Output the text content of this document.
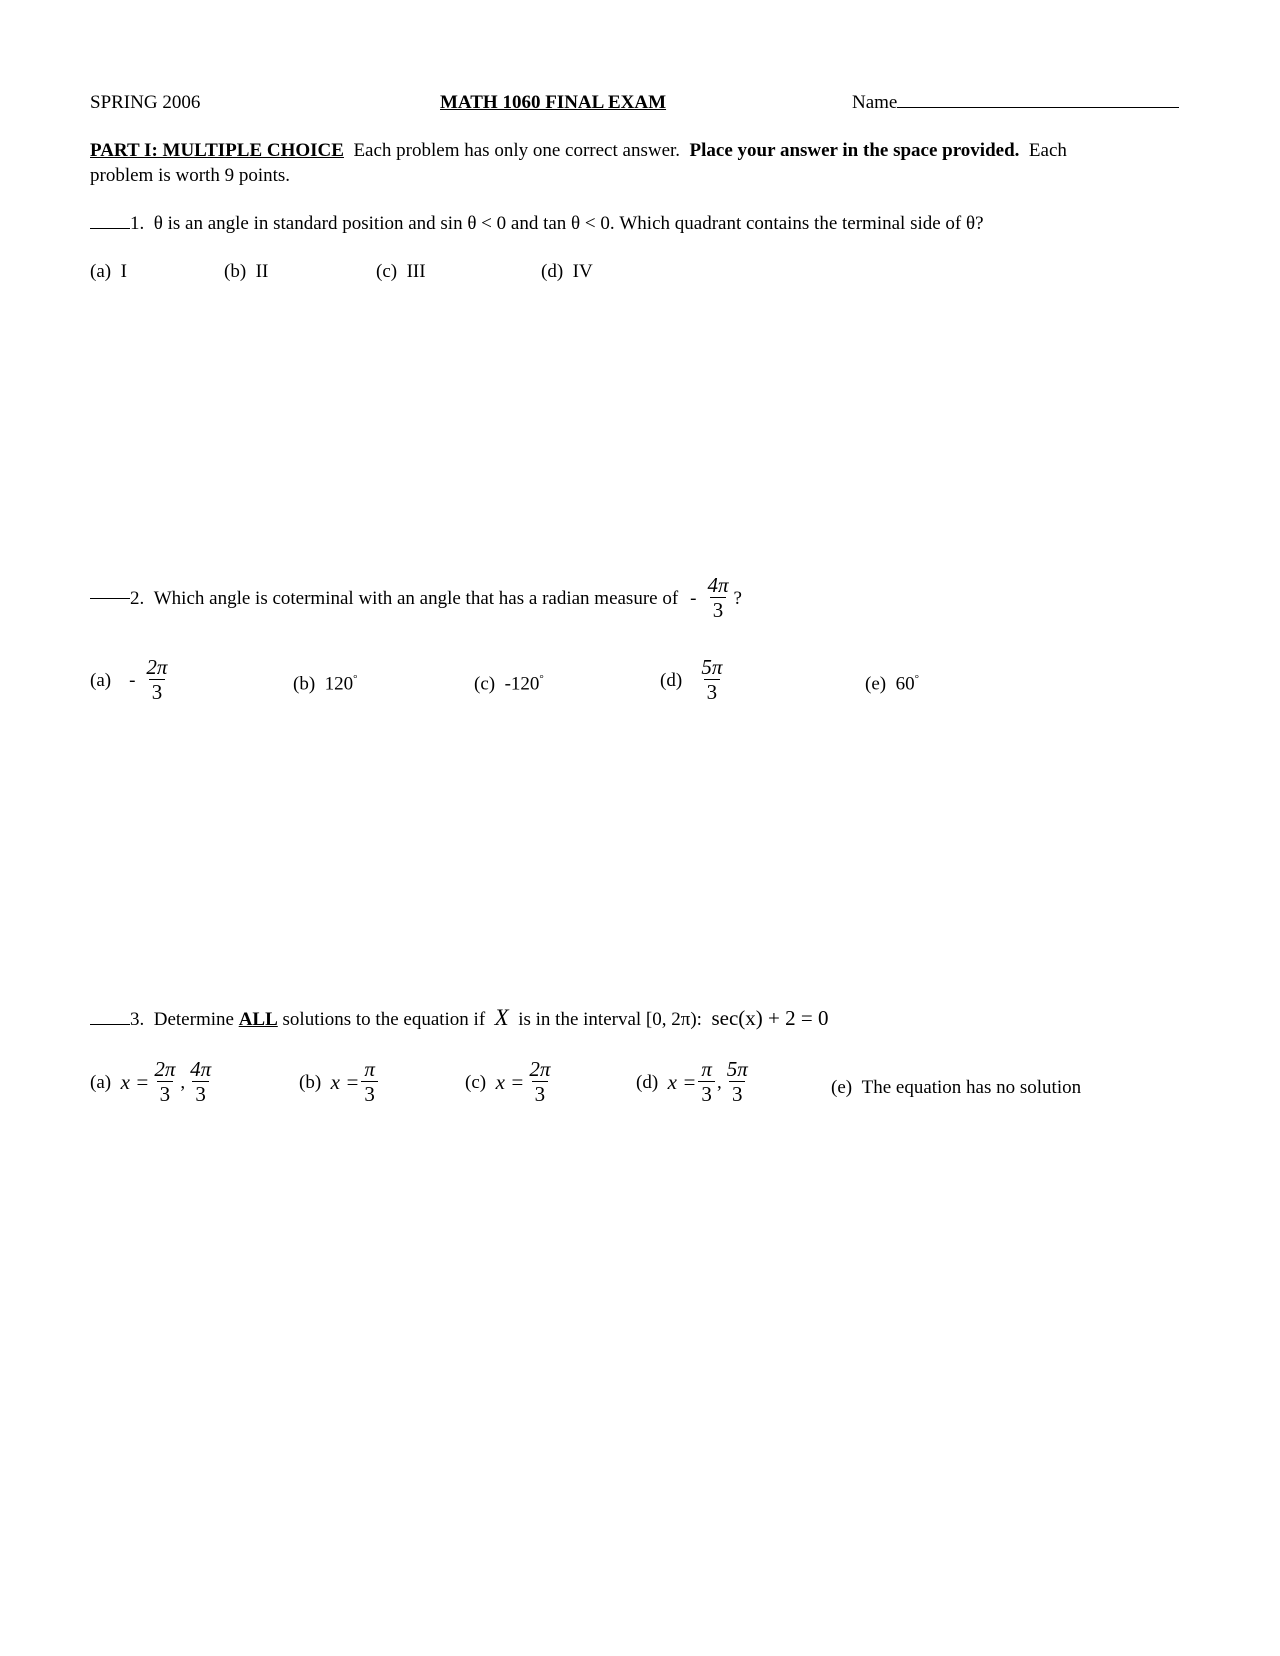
SPRING 2006	MATH 1060 FINAL EXAM	Name
PART I: MULTIPLE CHOICE Each problem has only one correct answer. Place your answer in the space provided. Each
problem is worth 9 points.
1. θ is an angle in standard position and sin θ < 0 and tan θ < 0. Which quadrant contains the terminal side of θ?
(a) I	(b) II	(c) III	(d) IV
2.
Which angle is coterminal with an angle that has a radian measure of - $\frac{4\pi}{3}$ ?
$(a) - \frac{2\pi}{3}$	(b) 120°	(c) -120°	(d)
$\frac{5\pi}{3}$	(e) 60°
3.
Determine
ALL
solutions to the equation if
X
is in the interval [0, 2π):
sec(x) + 2 = 0
(a)
$x = \frac{2\pi}{3}$ , $\frac{4\pi}{3}$	(b)
$x = \frac{\pi}{3}$	(c)
$x = \frac{2\pi}{3}$	(d)
$x = \frac{\pi}{3}$ , $\frac{5\pi}{3}$	(e) The equation has no solution
